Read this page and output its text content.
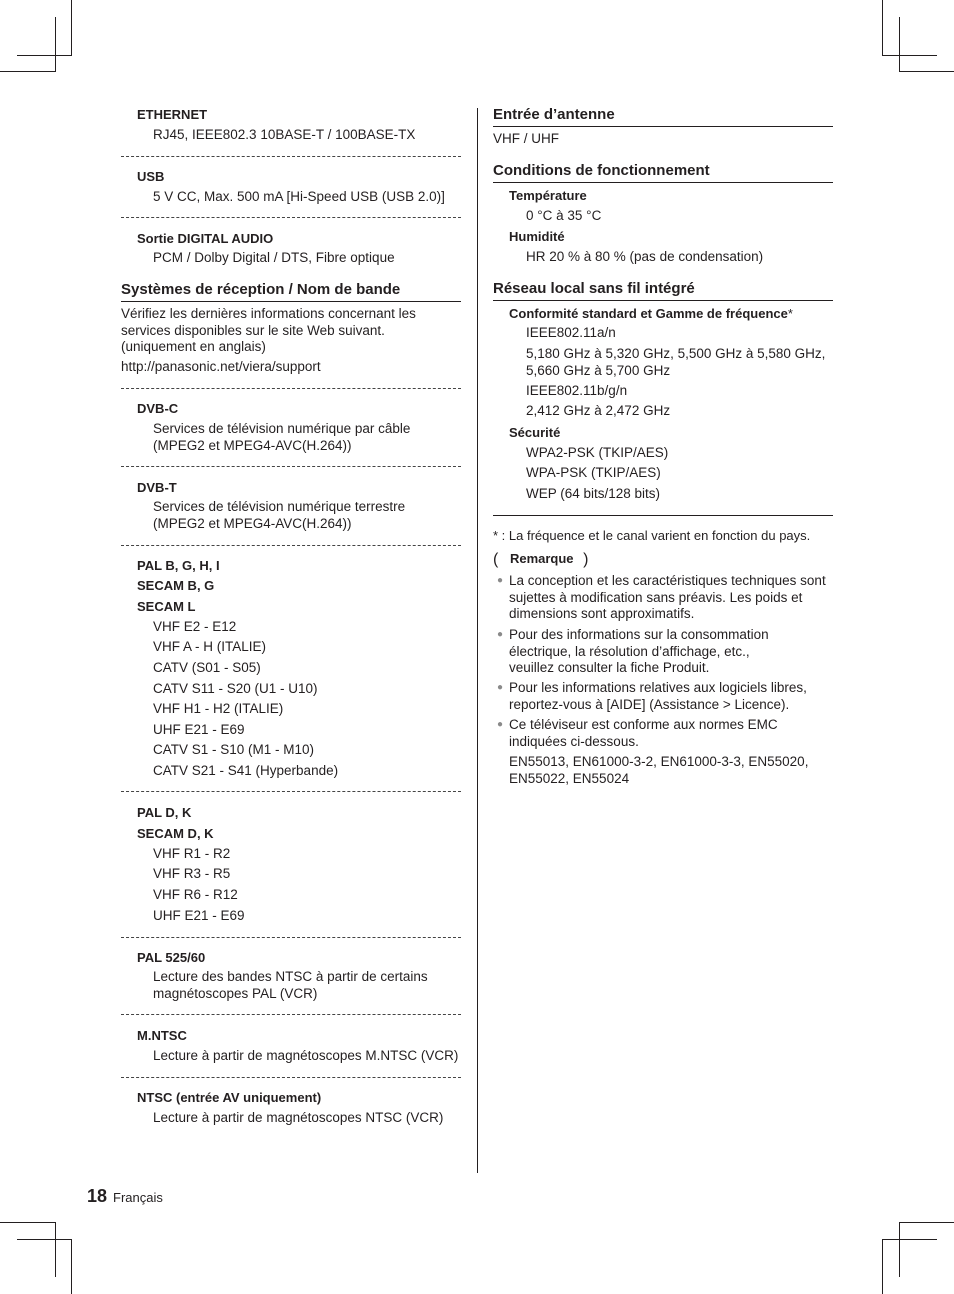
ETHERNET
RJ45, IEEE802.3 10BASE-T / 100BASE-TX
USB
5 V CC, Max. 500 mA [Hi-Speed USB (USB 2.0)]
Sortie DIGITAL AUDIO
PCM / Dolby Digital / DTS, Fibre optique
Systèmes de réception / Nom de bande
Vérifiez les dernières informations concernant les services disponibles sur le site Web suivant. (uniquement en anglais)
http://panasonic.net/viera/support
DVB-C
Services de télévision numérique par câble (MPEG2 et MPEG4-AVC(H.264))
DVB-T
Services de télévision numérique terrestre (MPEG2 et MPEG4-AVC(H.264))
PAL B, G, H, I
SECAM B, G
SECAM L
VHF E2 - E12
VHF A - H (ITALIE)
CATV (S01 - S05)
CATV S11 - S20 (U1 - U10)
VHF H1 - H2 (ITALIE)
UHF E21 - E69
CATV S1 - S10 (M1 - M10)
CATV S21 - S41 (Hyperbande)
PAL D, K
SECAM D, K
VHF R1 - R2
VHF R3 - R5
VHF R6 - R12
UHF E21 - E69
PAL 525/60
Lecture des bandes NTSC à partir de certains magnétoscopes PAL (VCR)
M.NTSC
Lecture à partir de magnétoscopes M.NTSC (VCR)
NTSC (entrée AV uniquement)
Lecture à partir de magnétoscopes NTSC (VCR)
Entrée d’antenne
VHF / UHF
Conditions de fonctionnement
Température
0 °C à 35 °C
Humidité
HR 20 % à 80 % (pas de condensation)
Réseau local sans fil intégré
Conformité standard et Gamme de fréquence*
IEEE802.11a/n
5,180 GHz à 5,320 GHz, 5,500 GHz à 5,580 GHz, 5,660 GHz à 5,700 GHz
IEEE802.11b/g/n
2,412 GHz à 2,472 GHz
Sécurité
WPA2-PSK (TKIP/AES)
WPA-PSK (TKIP/AES)
WEP (64 bits/128 bits)
* : La fréquence et le canal varient en fonction du pays.
( Remarque )
● La conception et les caractéristiques techniques sont sujettes à modification sans préavis. Les poids et dimensions sont approximatifs.
● Pour des informations sur la consommation électrique, la résolution d’affichage, etc., veuillez consulter la fiche Produit.
● Pour les informations relatives aux logiciels libres, reportez-vous à [AIDE] (Assistance > Licence).
● Ce téléviseur est conforme aux normes EMC indiquées ci-dessous.
EN55013, EN61000-3-2, EN61000-3-3, EN55020, EN55022, EN55024
18 Français
